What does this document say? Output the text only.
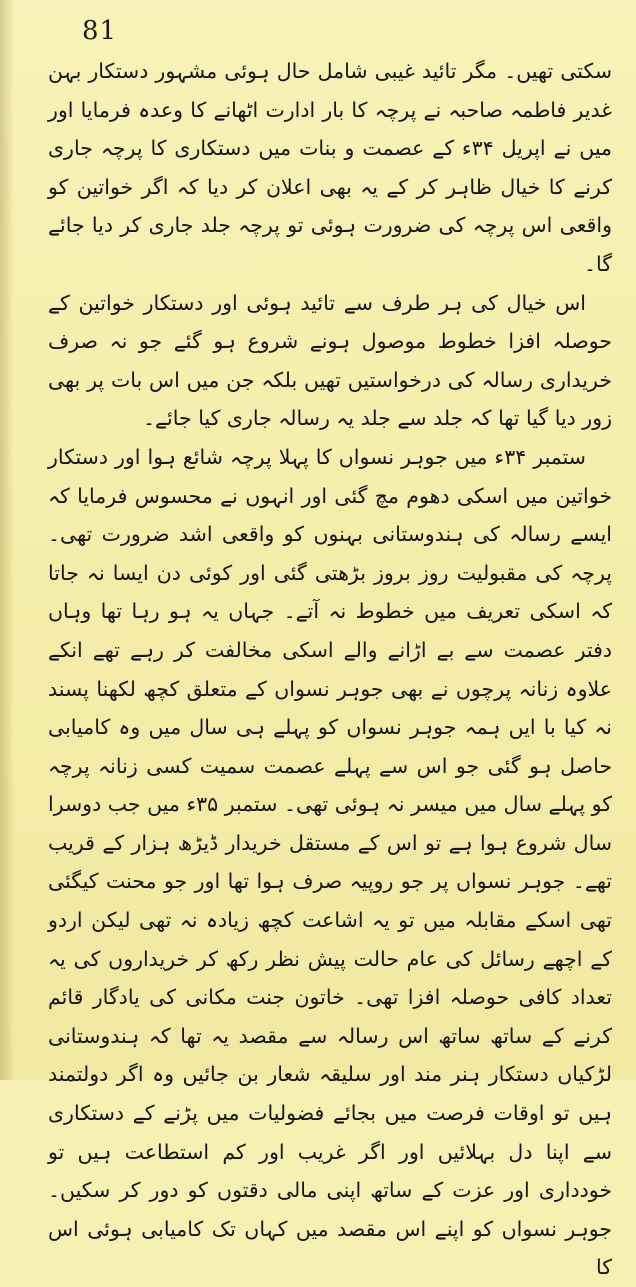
81

سکتی تھیں۔ مگر تائید غیبی شامل حال ہوئی مشہور دستکار بہن غدیر فاطمہ صاحبہ نے پرچہ کا بار ادارت اٹھانے کا وعدہ فرمایا اور میں نے اپریل ۳۴ء کے عصمت و بنات میں دستکاری کا پرچہ جاری کرنے کا خیال ظاہر کر کے یہ بھی اعلان کر دیا کہ اگر خواتین کو واقعی اس پرچہ کی ضرورت ہوئی تو پرچہ جلد جاری کر دیا جائے گا۔

اس خیال کی ہر طرف سے تائید ہوئی اور دستکار خواتین کے حوصلہ افزا خطوط موصول ہونے شروع ہو گئے جو نہ صرف خریداری رسالہ کی درخواستیں تھیں بلکہ جن میں اس بات پر بھی زور دیا گیا تھا کہ جلد سے جلد یہ رسالہ جاری کیا جائے۔

ستمبر ۳۴ء میں جوہر نسواں کا پہلا پرچہ شائع ہوا اور دستکار خواتین میں اسکی دھوم مچ گئی اور انہوں نے محسوس فرمایا کہ ایسے رسالہ کی ہندوستانی بہنوں کو واقعی اشد ضرورت تھی۔ پرچہ کی مقبولیت روز بروز بڑھتی گئی اور کوئی دن ایسا نہ جاتا کہ اسکی تعریف میں خطوط نہ آتے۔ جہاں یہ ہو رہا تھا وہاں دفتر عصمت سے بے اڑانے والے اسکی مخالفت کر رہے تھے انکے علاوہ زنانہ پرچوں نے بھی جوہر نسواں کے متعلق کچھ لکھنا پسند نہ کیا با ایں ہمہ جوہر نسواں کو پہلے ہی سال میں وہ کامیابی حاصل ہو گئی جو اس سے پہلے عصمت سمیت کسی زنانہ پرچہ کو پہلے سال میں میسر نہ ہوئی تھی۔ ستمبر ۳۵ء میں جب دوسرا سال شروع ہوا ہے تو اس کے مستقل خریدار ڈیڑھ ہزار کے قریب تھے۔ جوہر نسواں پر جو روپیہ صرف ہوا تھا اور جو محنت کیگئی تھی اسکے مقابلہ میں تو یہ اشاعت کچھ زیادہ نہ تھی لیکن اردو کے اچھے رسائل کی عام حالت پیش نظر رکھ کر خریداروں کی یہ تعداد کافی حوصلہ افزا تھی۔ خاتون جنت مکانی کی یادگار قائم کرنے کے ساتھ ساتھ اس رسالہ سے مقصد یہ تھا کہ ہندوستانی لڑکیاں دستکار ہنر مند اور سلیقہ شعار بن جائیں وہ اگر دولتمند ہیں تو اوقات فرصت میں بجائے فضولیات میں پڑنے کے دستکاری سے اپنا دل بہلائیں اور اگر غریب اور کم استطاعت ہیں تو خودداری اور عزت کے ساتھ اپنی مالی دقتوں کو دور کر سکیں۔ جوہر نسواں کو اپنے اس مقصد میں کہاں تک کامیابی ہوئی اس کا
